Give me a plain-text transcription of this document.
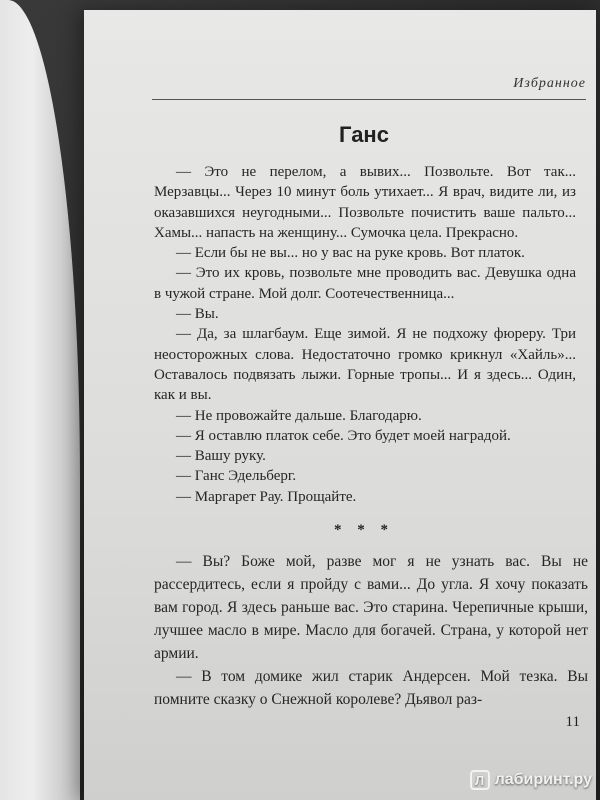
Избранное
Ганс

— Это не перелом, а вывих... Позвольте. Вот так... Мерзавцы... Через 10 минут боль утихает... Я врач, видите ли, из оказавшихся неугодными... Позвольте почистить ваше пальто... Хамы... напасть на женщину... Сумочка цела. Прекрасно.

— Если бы не вы... но у вас на руке кровь. Вот платок.

— Это их кровь, позвольте мне проводить вас. Девушка одна в чужой стране. Мой долг. Соотечественница...

— Вы.

— Да, за шлагбаум. Еще зимой. Я не подхожу фюреру. Три неосторожных слова. Недостаточно громко крикнул «Хайль»... Оставалось подвязать лыжи. Горные тропы... И я здесь... Один, как и вы.

— Не провожайте дальше. Благодарю.

— Я оставлю платок себе. Это будет моей наградой.

— Вашу руку.

— Ганс Эдельберг.

— Маргарет Рау. Прощайте.

* * *

— Вы? Боже мой, разве мог я не узнать вас. Вы не рассердитесь, если я пройду с вами... До угла. Я хочу показать вам город. Я здесь раньше вас. Это старина. Черепичные крыши, лучшее масло в мире. Масло для богачей. Страна, у которой нет армии.

— В том домике жил старик Андерсен. Мой тезка. Вы помните сказку о Снежной королеве? Дьявол раз-

11
Л лабиринт.ру
